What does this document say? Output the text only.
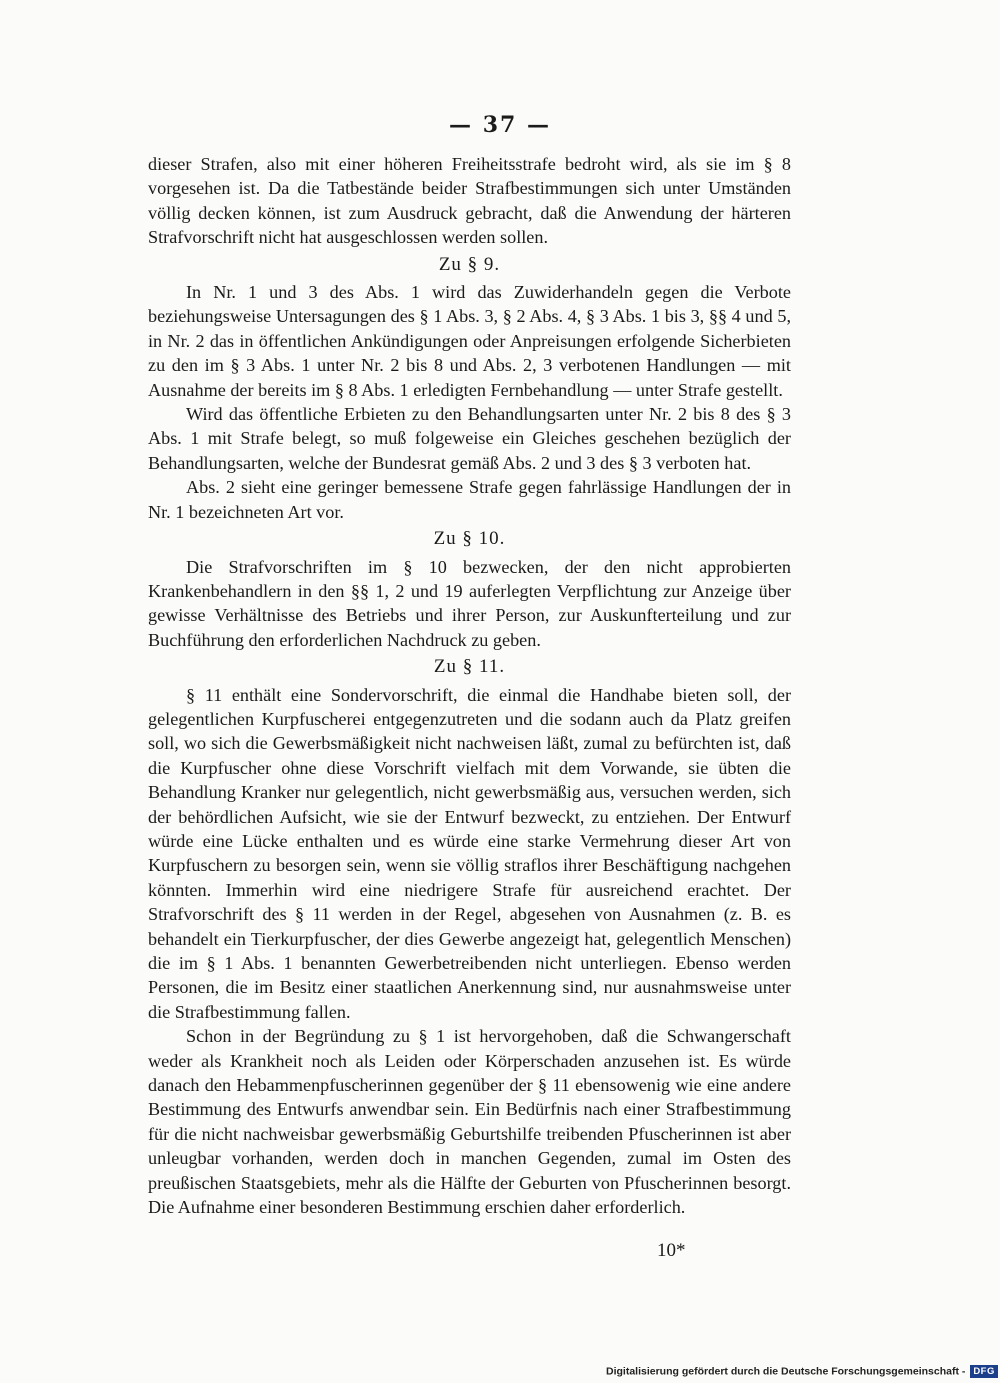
— 37 —

dieser Strafen, also mit einer höheren Freiheitsstrafe bedroht wird, als sie im § 8 vorgesehen ist. Da die Tatbestände beider Strafbestimmungen sich unter Umständen völlig decken können, ist zum Ausdruck gebracht, daß die Anwendung der härteren Strafvorschrift nicht hat ausgeschlossen werden sollen.

Zu § 9.

In Nr. 1 und 3 des Abs. 1 wird das Zuwiderhandeln gegen die Verbote beziehungsweise Untersagungen des § 1 Abs. 3, § 2 Abs. 4, § 3 Abs. 1 bis 3, §§ 4 und 5, in Nr. 2 das in öffentlichen Ankündigungen oder Anpreisungen erfolgende Sicherbieten zu den im § 3 Abs. 1 unter Nr. 2 bis 8 und Abs. 2, 3 verbotenen Handlungen — mit Ausnahme der bereits im § 8 Abs. 1 erledigten Fernbehandlung — unter Strafe gestellt.

Wird das öffentliche Erbieten zu den Behandlungsarten unter Nr. 2 bis 8 des § 3 Abs. 1 mit Strafe belegt, so muß folgeweise ein Gleiches geschehen bezüglich der Behandlungsarten, welche der Bundesrat gemäß Abs. 2 und 3 des § 3 verboten hat.

Abs. 2 sieht eine geringer bemessene Strafe gegen fahrlässige Handlungen der in Nr. 1 bezeichneten Art vor.

Zu § 10.

Die Strafvorschriften im § 10 bezwecken, der den nicht approbierten Krankenbehandlern in den §§ 1, 2 und 19 auferlegten Verpflichtung zur Anzeige über gewisse Verhältnisse des Betriebs und ihrer Person, zur Auskunfterteilung und zur Buchführung den erforderlichen Nachdruck zu geben.

Zu § 11.

§ 11 enthält eine Sondervorschrift, die einmal die Handhabe bieten soll, der gelegentlichen Kurpfuscherei entgegenzutreten und die sodann auch da Platz greifen soll, wo sich die Gewerbsmäßigkeit nicht nachweisen läßt, zumal zu befürchten ist, daß die Kurpfuscher ohne diese Vorschrift vielfach mit dem Vorwande, sie übten die Behandlung Kranker nur gelegentlich, nicht gewerbsmäßig aus, versuchen werden, sich der behördlichen Aufsicht, wie sie der Entwurf bezweckt, zu entziehen. Der Entwurf würde eine Lücke enthalten und es würde eine starke Vermehrung dieser Art von Kurpfuschern zu besorgen sein, wenn sie völlig straflos ihrer Beschäftigung nachgehen könnten. Immerhin wird eine niedrigere Strafe für ausreichend erachtet. Der Strafvorschrift des § 11 werden in der Regel, abgesehen von Ausnahmen (z. B. es behandelt ein Tierkurpfuscher, der dies Gewerbe angezeigt hat, gelegentlich Menschen) die im § 1 Abs. 1 benannten Gewerbetreibenden nicht unterliegen. Ebenso werden Personen, die im Besitz einer staatlichen Anerkennung sind, nur ausnahmsweise unter die Strafbestimmung fallen.

Schon in der Begründung zu § 1 ist hervorgehoben, daß die Schwangerschaft weder als Krankheit noch als Leiden oder Körperschaden anzusehen ist. Es würde danach den Hebammenpfuscherinnen gegenüber der § 11 ebensowenig wie eine andere Bestimmung des Entwurfs anwendbar sein. Ein Bedürfnis nach einer Strafbestimmung für die nicht nachweisbar gewerbsmäßig Geburtshilfe treibenden Pfuscherinnen ist aber unleugbar vorhanden, werden doch in manchen Gegenden, zumal im Osten des preußischen Staatsgebiets, mehr als die Hälfte der Geburten von Pfuscherinnen besorgt. Die Aufnahme einer besonderen Bestimmung erschien daher erforderlich.

10*
Digitalisierung gefördert durch die Deutsche Forschungsgemeinschaft - DFG
